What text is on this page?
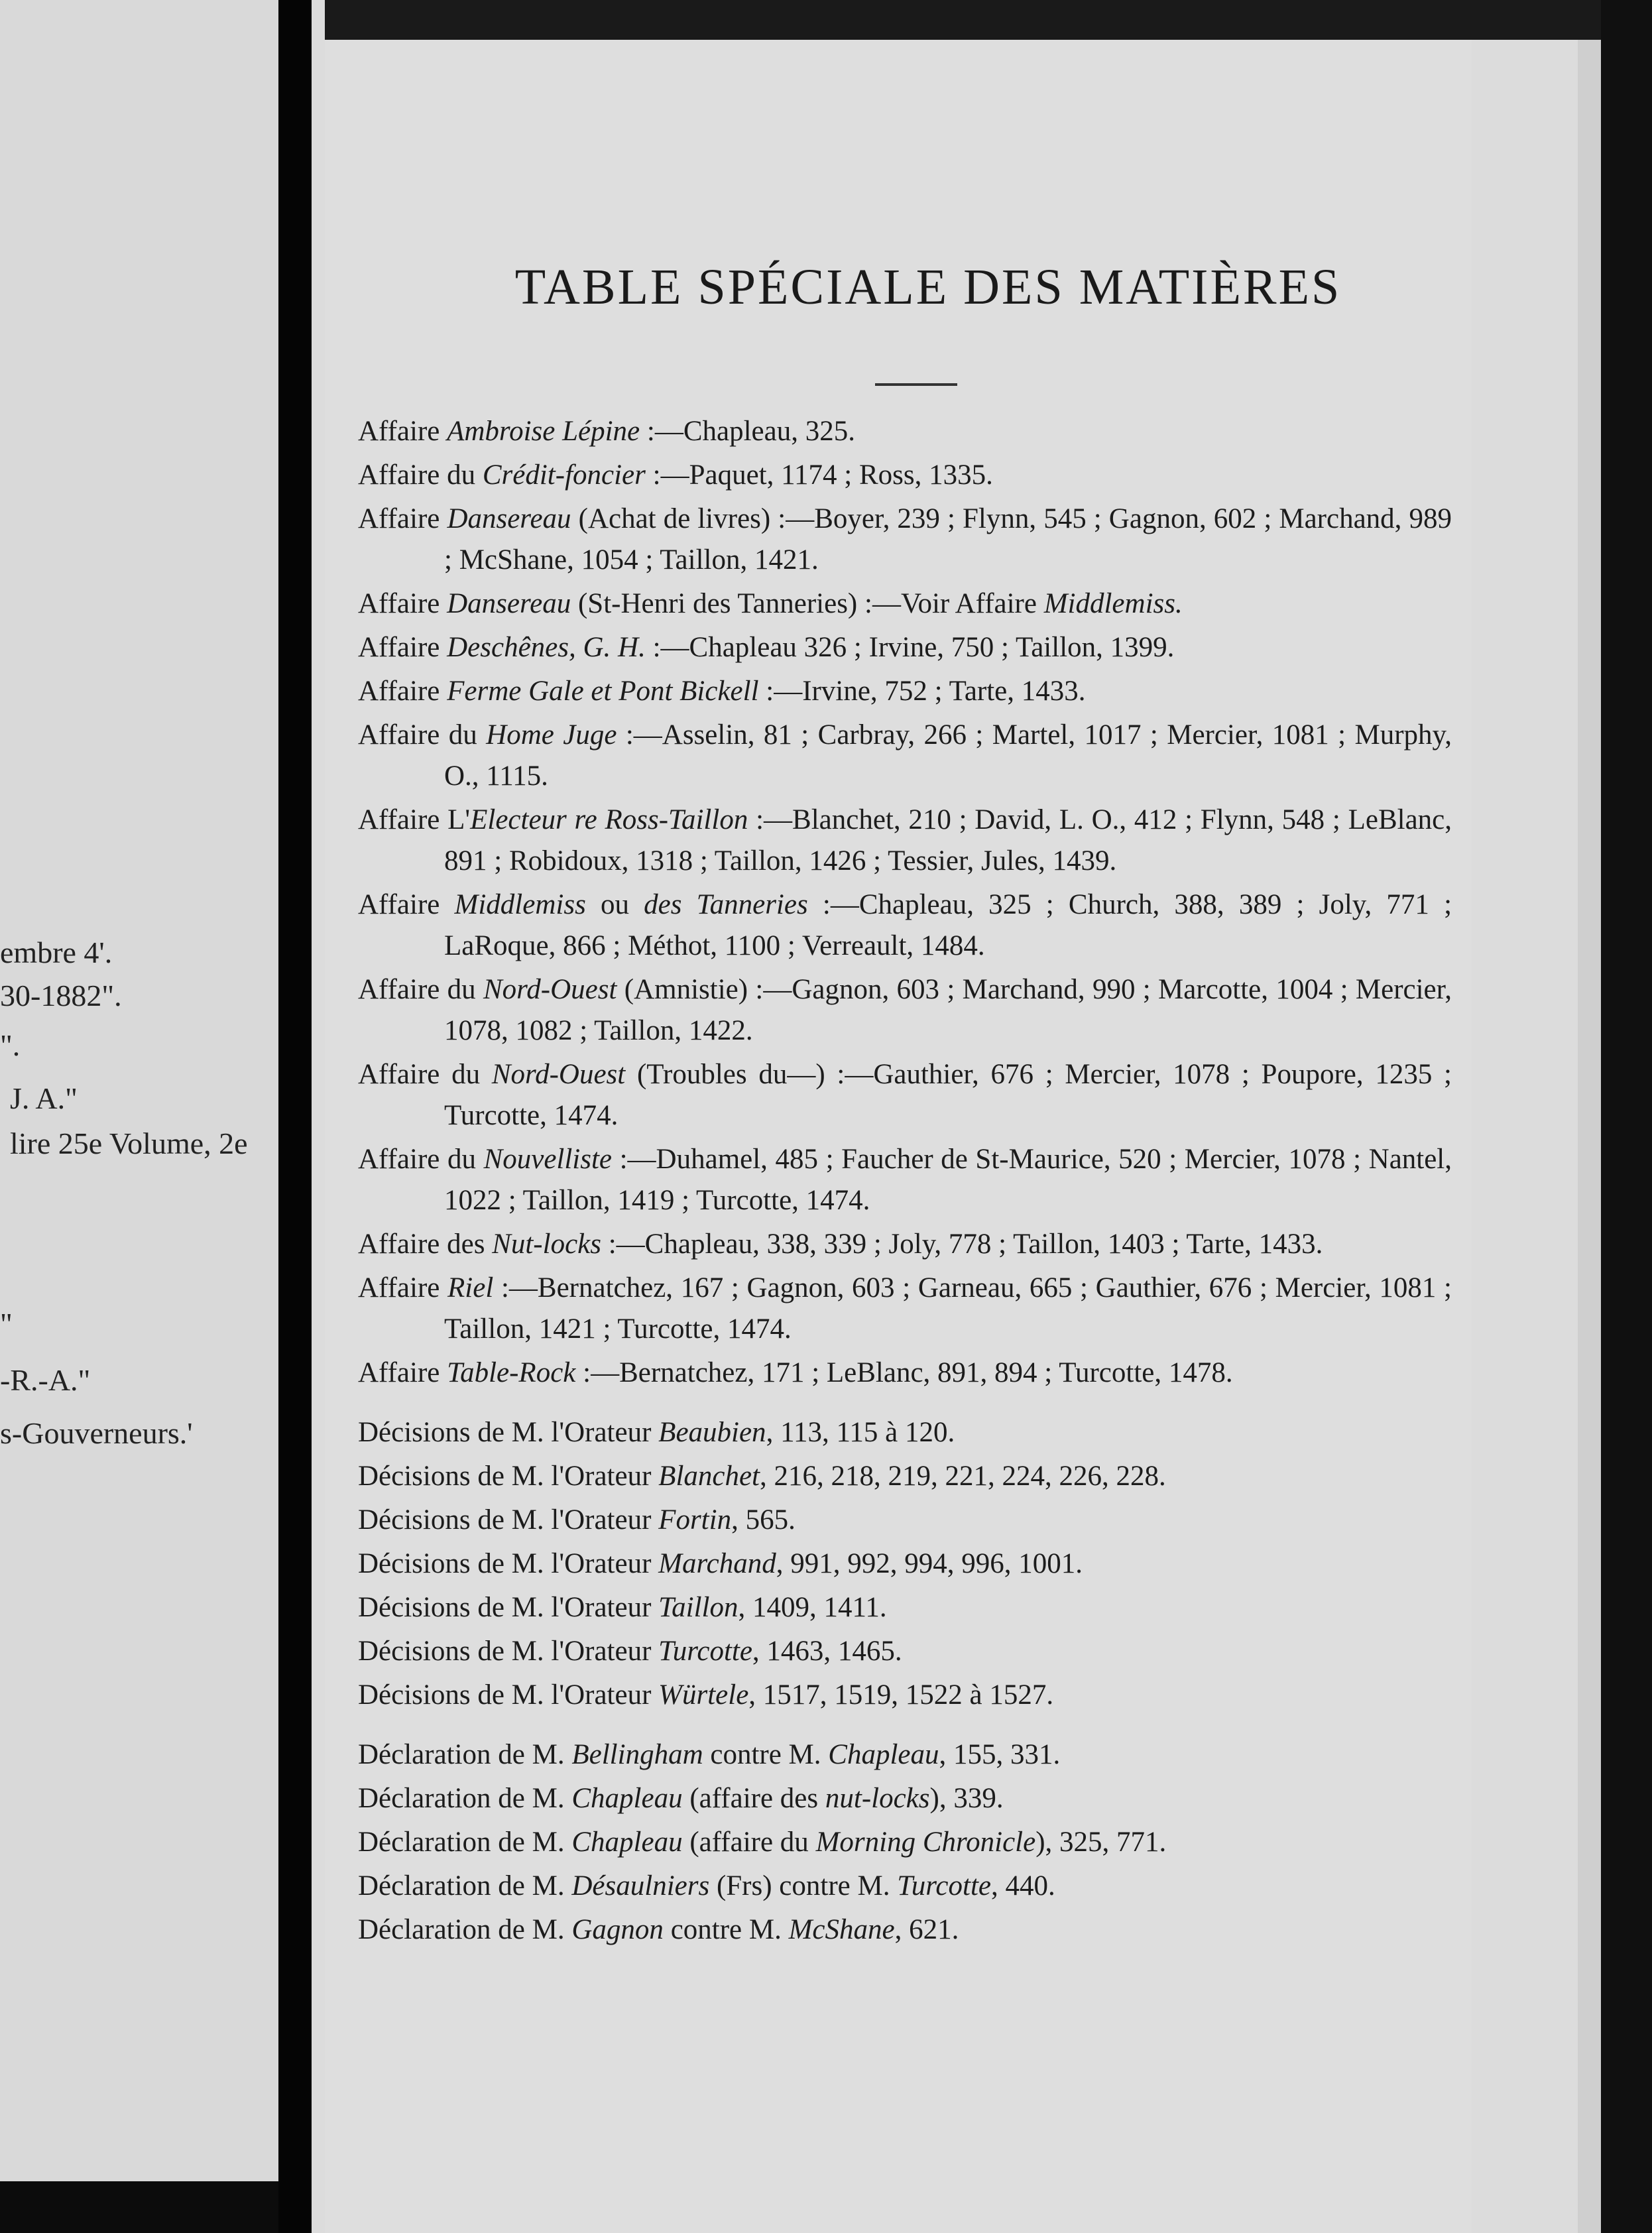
embre 4'.
30-1882".
".
J. A."
lire 25e Volume, 2e
"
-R.-A."
s-Gouverneurs.'
TABLE SPÉCIALE DES MATIÈRES
Affaire Ambroise Lépine :—Chapleau, 325.
Affaire du Crédit-foncier :—Paquet, 1174 ; Ross, 1335.
Affaire Dansereau (Achat de livres) :—Boyer, 239 ; Flynn, 545 ; Gagnon, 602 ; Marchand, 989 ; McShane, 1054 ; Taillon, 1421.
Affaire Dansereau (St-Henri des Tanneries) :—Voir Affaire Middlemiss.
Affaire Deschênes, G. H. :—Chapleau 326 ; Irvine, 750 ; Taillon, 1399.
Affaire Ferme Gale et Pont Bickell :—Irvine, 752 ; Tarte, 1433.
Affaire du Home Juge :—Asselin, 81 ; Carbray, 266 ; Martel, 1017 ; Mercier, 1081 ; Murphy, O., 1115.
Affaire L'Electeur re Ross-Taillon :—Blanchet, 210 ; David, L. O., 412 ; Flynn, 548 ; LeBlanc, 891 ; Robidoux, 1318 ; Taillon, 1426 ; Tessier, Jules, 1439.
Affaire Middlemiss ou des Tanneries :—Chapleau, 325 ; Church, 388, 389 ; Joly, 771 ; LaRoque, 866 ; Méthot, 1100 ; Verreault, 1484.
Affaire du Nord-Ouest (Amnistie) :—Gagnon, 603 ; Marchand, 990 ; Marcotte, 1004 ; Mercier, 1078, 1082 ; Taillon, 1422.
Affaire du Nord-Ouest (Troubles du—) :—Gauthier, 676 ; Mercier, 1078 ; Poupore, 1235 ; Turcotte, 1474.
Affaire du Nouvelliste :—Duhamel, 485 ; Faucher de St-Maurice, 520 ; Mercier, 1078 ; Nantel, 1022 ; Taillon, 1419 ; Turcotte, 1474.
Affaire des Nut-locks :—Chapleau, 338, 339 ; Joly, 778 ; Taillon, 1403 ; Tarte, 1433.
Affaire Riel :—Bernatchez, 167 ; Gagnon, 603 ; Garneau, 665 ; Gauthier, 676 ; Mercier, 1081 ; Taillon, 1421 ; Turcotte, 1474.
Affaire Table-Rock :—Bernatchez, 171 ; LeBlanc, 891, 894 ; Turcotte, 1478.
Décisions de M. l'Orateur Beaubien, 113, 115 à 120.
Décisions de M. l'Orateur Blanchet, 216, 218, 219, 221, 224, 226, 228.
Décisions de M. l'Orateur Fortin, 565.
Décisions de M. l'Orateur Marchand, 991, 992, 994, 996, 1001.
Décisions de M. l'Orateur Taillon, 1409, 1411.
Décisions de M. l'Orateur Turcotte, 1463, 1465.
Décisions de M. l'Orateur Würtele, 1517, 1519, 1522 à 1527.
Déclaration de M. Bellingham contre M. Chapleau, 155, 331.
Déclaration de M. Chapleau (affaire des nut-locks), 339.
Déclaration de M. Chapleau (affaire du Morning Chronicle), 325, 771.
Déclaration de M. Désaulniers (Frs) contre M. Turcotte, 440.
Déclaration de M. Gagnon contre M. McShane, 621.
